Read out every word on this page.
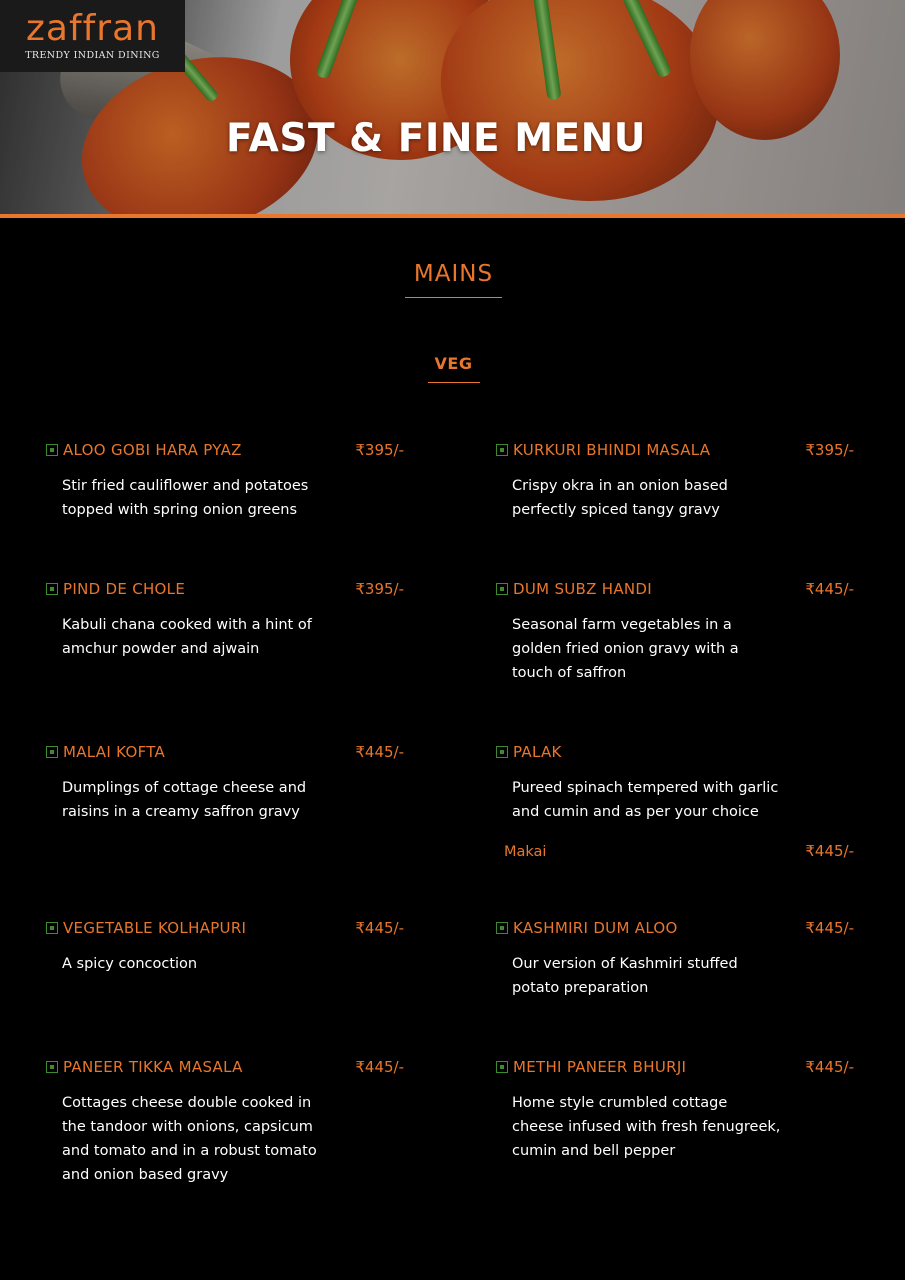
zaffran
TRENDY INDIAN DINING
FAST & FINE MENU
MAINS
VEG
ALOO GOBI HARA PYAZ	₹395/-
Stir fried cauliflower and potatoes topped with spring onion greens
KURKURI BHINDI MASALA	₹395/-
Crispy okra in an onion based perfectly spiced tangy gravy
PIND DE CHOLE	₹395/-
Kabuli chana cooked with a hint of amchur powder and ajwain
DUM SUBZ HANDI	₹445/-
Seasonal farm vegetables in a golden fried onion gravy with a touch of saffron
MALAI KOFTA	₹445/-
Dumplings of cottage cheese and raisins in a creamy saffron gravy
PALAK
Pureed spinach tempered with garlic and cumin and as per your choice
Makai	₹445/-
VEGETABLE KOLHAPURI	₹445/-
A spicy concoction
KASHMIRI DUM ALOO	₹445/-
Our version of Kashmiri stuffed potato preparation
PANEER TIKKA MASALA	₹445/-
Cottages cheese double cooked in the tandoor with onions, capsicum and tomato and in a robust tomato and onion based gravy
METHI PANEER BHURJI	₹445/-
Home style crumbled cottage cheese infused with fresh fenugreek, cumin and bell pepper
